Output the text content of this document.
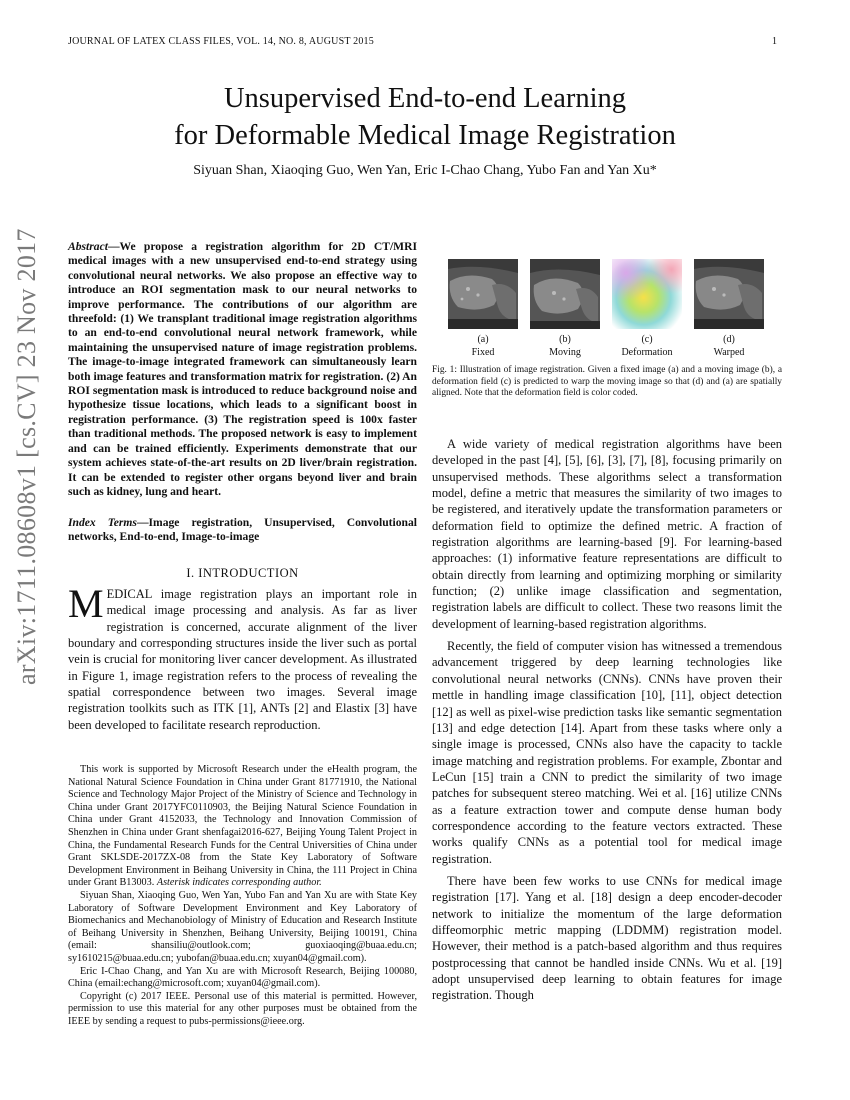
JOURNAL OF LATEX CLASS FILES, VOL. 14, NO. 8, AUGUST 2015	1
Unsupervised End-to-end Learning
for Deformable Medical Image Registration
Siyuan Shan, Xiaoqing Guo, Wen Yan, Eric I-Chao Chang, Yubo Fan and Yan Xu*
arXiv:1711.08608v1 [cs.CV] 23 Nov 2017	Abstract—We propose a registration algorithm for 2D CT/MRI medical images with a new unsupervised end-to-end strategy using convolutional neural networks. We also propose an effective way to introduce an ROI segmentation mask to our neural networks to improve performance. The contributions of our algorithm are threefold: (1) We transplant traditional image registration algorithms to an end-to-end convolutional neural network framework, while maintaining the unsupervised nature of image registration problems. The image-to-image integrated framework can simultaneously learn both image features and transformation matrix for registration. (2) An ROI segmentation mask is introduced to reduce background noise and hypothesize tissue locations, which leads to a significant boost in registration performance. (3) The registration speed is 100x faster than traditional methods. The proposed network is easy to implement and can be trained efficiently. Experiments demonstrate that our system achieves state-of-the-art results on 2D liver/brain registration. It can be extended to register other organs beyond liver and brain such as kidney, lung and heart.
Index Terms—Image registration, Unsupervised, Convolutional networks, End-to-end, Image-to-image
I. INTRODUCTION
MEDICAL image registration plays an important role in medical image processing and analysis. As far as liver registration is concerned, accurate alignment of the liver boundary and corresponding structures inside the liver such as portal vein is crucial for monitoring liver cancer development. As illustrated in Figure 1, image registration refers to the process of revealing the spatial correspondence between two images. Several image registration toolkits such as ITK [1], ANTs [2] and Elastix [3] have been developed to facilitate research reproduction.

This work is supported by Microsoft Research under the eHealth program, the National Natural Science Foundation in China under Grant 81771910, the National Science and Technology Major Project of the Ministry of Science and Technology in China under Grant 2017YFC0110903, the Beijing Natural Science Foundation in China under Grant 4152033, the Technology and Innovation Commission of Shenzhen in China under Grant shenfagai2016-627, Beijing Young Talent Project in China, the Fundamental Research Funds for the Central Universities of China under Grant SKLSDE-2017ZX-08 from the State Key Laboratory of Software Development Environment in Beihang University in China, the 111 Project in China under Grant B13003. Asterisk indicates corresponding author.

Siyuan Shan, Xiaoqing Guo, Wen Yan, Yubo Fan and Yan Xu are with State Key Laboratory of Software Development Environment and Key Laboratory of Biomechanics and Mechanobiology of Ministry of Education and Research Institute of Beihang University in Shenzhen, Beihang University, Beijing 100191, China (email: shansiliu@outlook.com; guoxiaoqing@buaa.edu.cn; sy1610215@buaa.edu.cn; yubofan@buaa.edu.cn; xuyan04@gmail.com).

Eric I-Chao Chang, and Yan Xu are with Microsoft Research, Beijing 100080, China (email:echang@microsoft.com; xuyan04@gmail.com).

Copyright (c) 2017 IEEE. Personal use of this material is permitted. However, permission to use this material for any other purposes must be obtained from the IEEE by sending a request to pubs-permissions@ieee.org.

(a)
Fixed
(b)
Moving
(c)
Deformation
(d)
Warped
Fig. 1: Illustration of image registration. Given a fixed image (a) and a moving image (b), a deformation field (c) is predicted to warp the moving image so that (d) and (a) are spatially aligned. Note that the deformation field is color coded.

A wide variety of medical registration algorithms have been developed in the past [4], [5], [6], [3], [7], [8], focusing primarily on unsupervised methods. These algorithms select a transformation model, define a metric that measures the similarity of two images to be registered, and iteratively update the transformation parameters or deformation field to optimize the defined metric. A fraction of registration algorithms are learning-based [9]. For learning-based approaches: (1) informative feature representations are difficult to obtain directly from learning and optimizing morphing or similarity function; (2) unlike image classification and segmentation, registration labels are difficult to collect. These two reasons limit the development of learning-based registration algorithms.

Recently, the field of computer vision has witnessed a tremendous advancement triggered by deep learning technologies like convolutional neural networks (CNNs). CNNs have proven their mettle in handling image classification [10], [11], object detection [12] as well as pixel-wise prediction tasks like semantic segmentation [13] and edge detection [14]. Apart from these tasks where only a single image is processed, CNNs also have the capacity to tackle image matching and registration problems. For example, Zbontar and LeCun [15] train a CNN to predict the similarity of two image patches for subsequent stereo matching. Wei et al. [16] utilize CNNs as a feature extraction tower and compute dense human body correspondence according to the feature vectors extracted. These works qualify CNNs as a potential tool for medical image registration.

There have been few works to use CNNs for medical image registration [17]. Yang et al. [18] design a deep encoder-decoder network to initialize the momentum of the large deformation diffeomorphic metric mapping (LDDMM) registration model. However, their method is a patch-based algorithm and thus requires postprocessing that cannot be handled inside CNNs. Wu et al. [19] adopt unsupervised deep learning to obtain features for image registration. Though
